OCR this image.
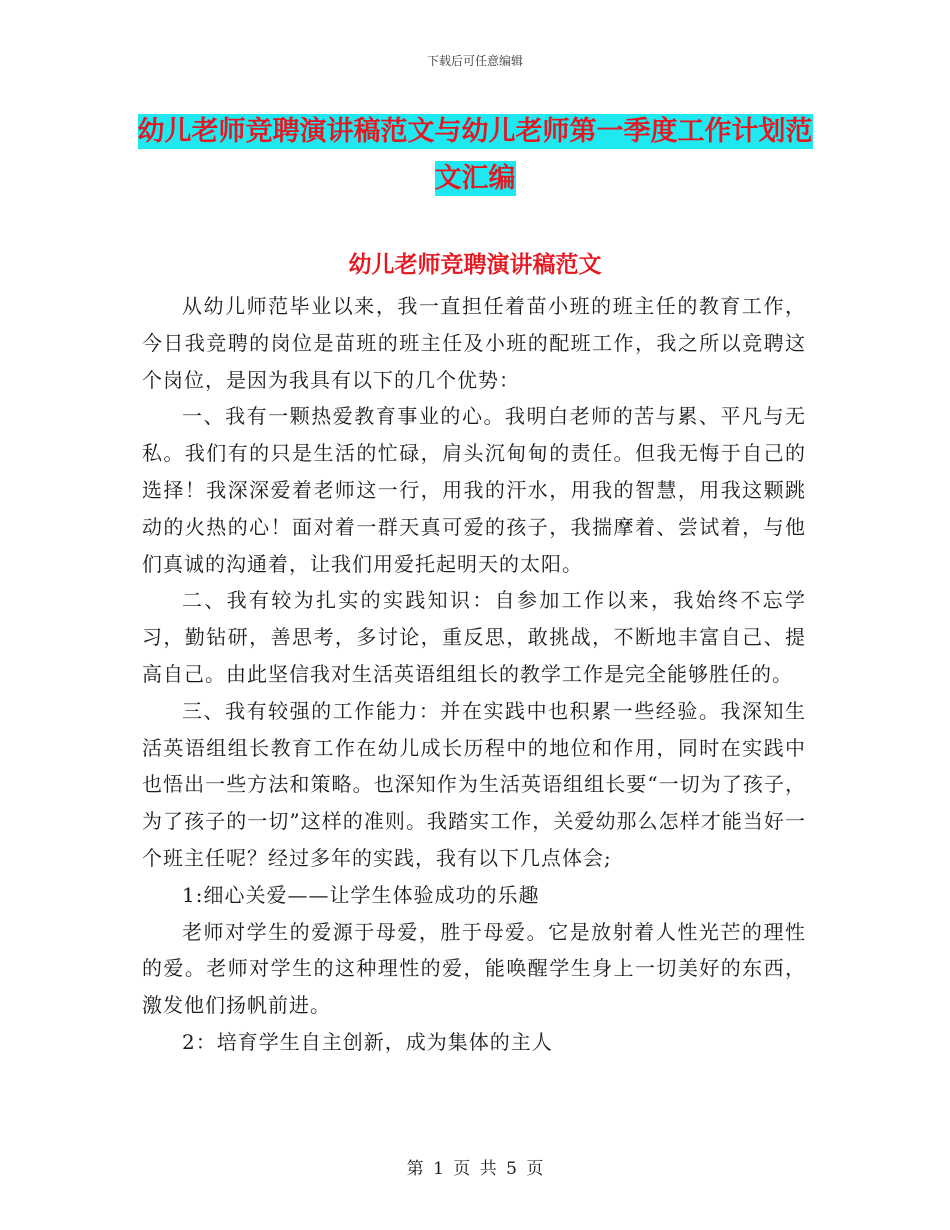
下载后可任意编辑
幼儿老师竞聘演讲稿范文与幼儿老师第一季度工作计划范文汇编
幼儿老师竞聘演讲稿范文

从幼儿师范毕业以来，我一直担任着苗小班的班主任的教育工作，今日我竞聘的岗位是苗班的班主任及小班的配班工作，我之所以竞聘这个岗位，是因为我具有以下的几个优势：

一、我有一颗热爱教育事业的心。我明白老师的苦与累、平凡与无私。我们有的只是生活的忙碌，肩头沉甸甸的责任。但我无悔于自己的选择！我深深爱着老师这一行，用我的汗水，用我的智慧，用我这颗跳动的火热的心！面对着一群天真可爱的孩子，我揣摩着、尝试着，与他们真诚的沟通着，让我们用爱托起明天的太阳。

二、我有较为扎实的实践知识：自参加工作以来，我始终不忘学习，勤钻研，善思考，多讨论，重反思，敢挑战，不断地丰富自己、提高自己。由此坚信我对生活英语组组长的教学工作是完全能够胜任的。

三、我有较强的工作能力：并在实践中也积累一些经验。我深知生活英语组组长教育工作在幼儿成长历程中的地位和作用，同时在实践中也悟出一些方法和策略。也深知作为生活英语组组长要“一切为了孩子，为了孩子的一切”这样的准则。我踏实工作，关爱幼那么怎样才能当好一个班主任呢？经过多年的实践，我有以下几点体会;

1:细心关爱——让学生体验成功的乐趣

老师对学生的爱源于母爱，胜于母爱。它是放射着人性光芒的理性的爱。老师对学生的这种理性的爱，能唤醒学生身上一切美好的东西，激发他们扬帆前进。

2：培育学生自主创新，成为集体的主人

第 1 页 共 5 页
